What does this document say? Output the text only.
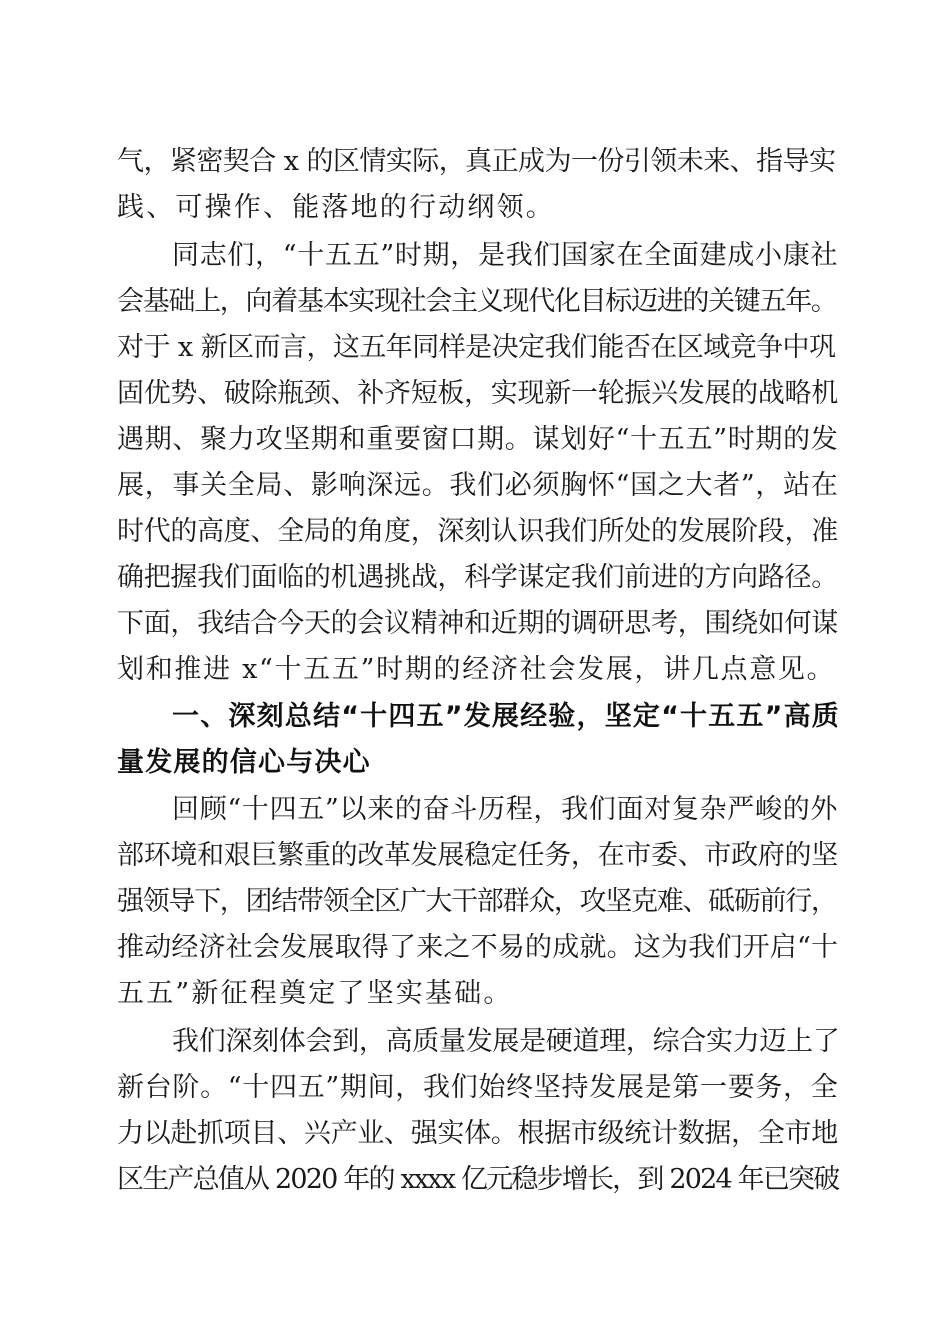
气，紧密契合 x 的区情实际，真正成为一份引领未来、指导实
践、可操作、能落地的行动纲领。
同志们，“十五五”时期，是我们国家在全面建成小康社
会基础上，向着基本实现社会主义现代化目标迈进的关键五年。
对于 x 新区而言，这五年同样是决定我们能否在区域竞争中巩
固优势、破除瓶颈、补齐短板，实现新一轮振兴发展的战略机
遇期、聚力攻坚期和重要窗口期。谋划好“十五五”时期的发
展，事关全局、影响深远。我们必须胸怀“国之大者”，站在
时代的高度、全局的角度，深刻认识我们所处的发展阶段，准
确把握我们面临的机遇挑战，科学谋定我们前进的方向路径。
下面，我结合今天的会议精神和近期的调研思考，围绕如何谋
划和推进 x“十五五”时期的经济社会发展，讲几点意见。
一、深刻总结“十四五”发展经验，坚定“十五五”高质
量发展的信心与决心
回顾“十四五”以来的奋斗历程，我们面对复杂严峻的外
部环境和艰巨繁重的改革发展稳定任务，在市委、市政府的坚
强领导下，团结带领全区广大干部群众，攻坚克难、砥砺前行，
推动经济社会发展取得了来之不易的成就。这为我们开启“十
五五”新征程奠定了坚实基础。
我们深刻体会到，高质量发展是硬道理，综合实力迈上了
新台阶。“十四五”期间，我们始终坚持发展是第一要务，全
力以赴抓项目、兴产业、强实体。根据市级统计数据，全市地
区生产总值从 2020 年的 xxxx 亿元稳步增长，到 2024 年已突破
